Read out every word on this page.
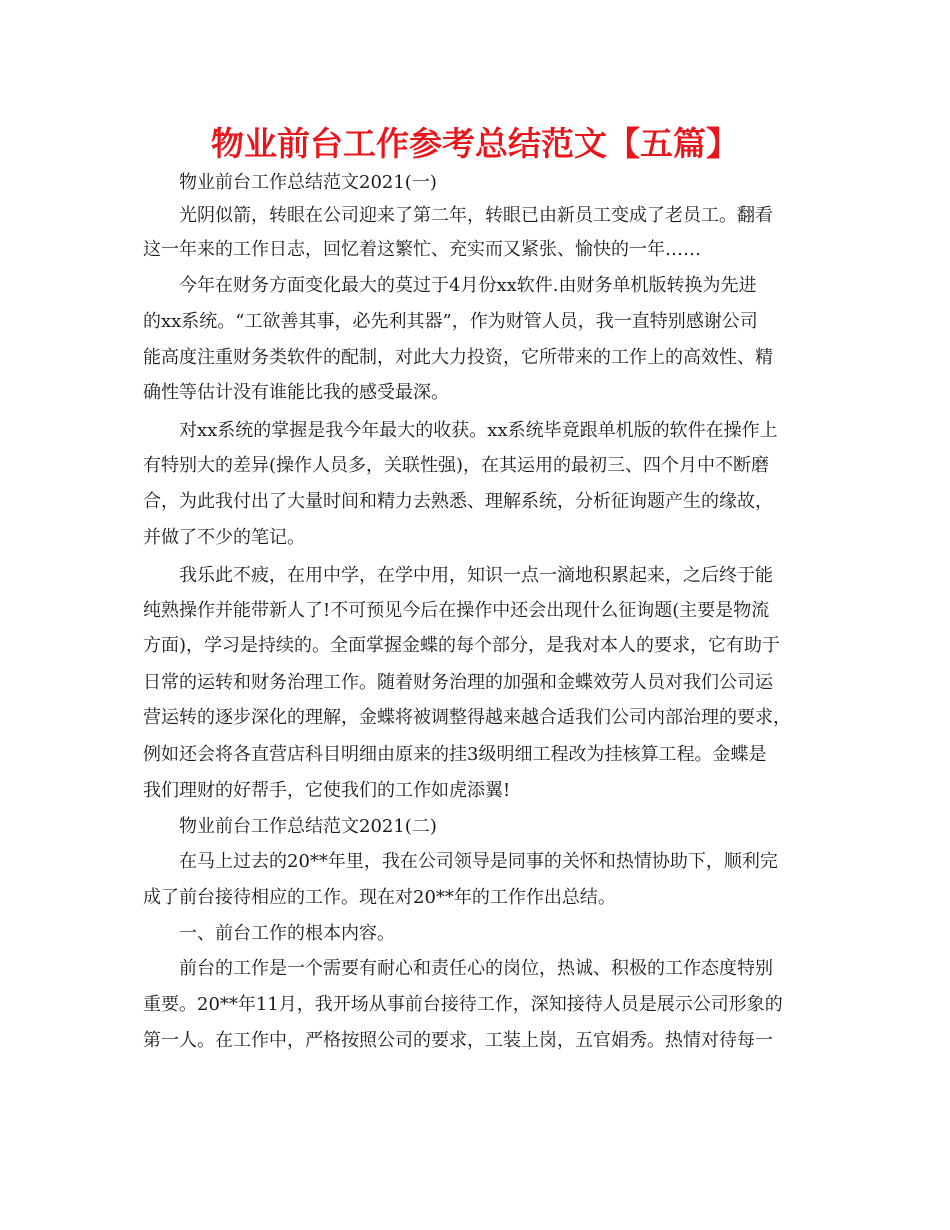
物业前台工作参考总结范文【五篇】

物业前台工作总结范文2021(一)

光阴似箭，转眼在公司迎来了第二年，转眼已由新员工变成了老员工。翻看

这一年来的工作日志，回忆着这繁忙、充实而又紧张、愉快的一年……

今年在财务方面变化最大的莫过于4月份xx软件.由财务单机版转换为先进

的xx系统。“工欲善其事，必先利其器”，作为财管人员，我一直特别感谢公司

能高度注重财务类软件的配制，对此大力投资，它所带来的工作上的高效性、精

确性等估计没有谁能比我的感受最深。

对xx系统的掌握是我今年最大的收获。xx系统毕竟跟单机版的软件在操作上

有特别大的差异(操作人员多，关联性强)，在其运用的最初三、四个月中不断磨

合，为此我付出了大量时间和精力去熟悉、理解系统，分析征询题产生的缘故，

并做了不少的笔记。

我乐此不疲，在用中学，在学中用，知识一点一滴地积累起来，之后终于能

纯熟操作并能带新人了!不可预见今后在操作中还会出现什么征询题(主要是物流

方面)，学习是持续的。全面掌握金蝶的每个部分，是我对本人的要求，它有助于

日常的运转和财务治理工作。随着财务治理的加强和金蝶效劳人员对我们公司运

营运转的逐步深化的理解，金蝶将被调整得越来越合适我们公司内部治理的要求，

例如还会将各直营店科目明细由原来的挂3级明细工程改为挂核算工程。金蝶是

我们理财的好帮手，它使我们的工作如虎添翼!

物业前台工作总结范文2021(二)

在马上过去的20**年里，我在公司领导是同事的关怀和热情协助下，顺利完

成了前台接待相应的工作。现在对20**年的工作作出总结。

一、前台工作的根本内容。

前台的工作是一个需要有耐心和责任心的岗位，热诚、积极的工作态度特别

重要。20**年11月，我开场从事前台接待工作，深知接待人员是展示公司形象的

第一人。在工作中，严格按照公司的要求，工装上岗，五官娟秀。热情对待每一
